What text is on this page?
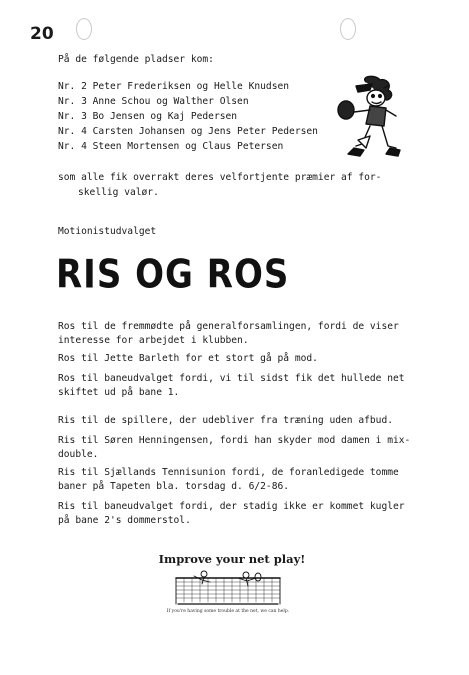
20
På de følgende pladser kom:
Nr. 2 Peter Frederiksen og Helle Knudsen
Nr. 3 Anne Schou og Walther Olsen
Nr. 3 Bo Jensen og Kaj Pedersen
Nr. 4 Carsten Johansen og Jens Peter Pedersen
Nr. 4 Steen Mortensen og Claus Petersen
som alle fik overrakt deres velfortjente præmier af for-
skellig valør.
Motionistudvalget
RIS OG ROS
Ros til de fremmødte på generalforsamlingen, fordi de viser
interesse for arbejdet i klubben.
Ros til Jette Barleth for et stort gå på mod.
Ros til baneudvalget fordi, vi til sidst fik det hullede net
skiftet ud på bane 1.
Ris til de spillere, der udebliver fra træning uden afbud.
Ris til Søren Henningensen, fordi han skyder mod damen i mix-
double.
Ris til Sjællands Tennisunion fordi, de foranledigede tomme
baner på Tapeten bla. torsdag d. 6/2-86.
Ris til baneudvalget fordi, der stadig ikke er kommet kugler
på bane 2's dommerstol.
Improve your net play!
If you're having some trouble at the net, we can help.
